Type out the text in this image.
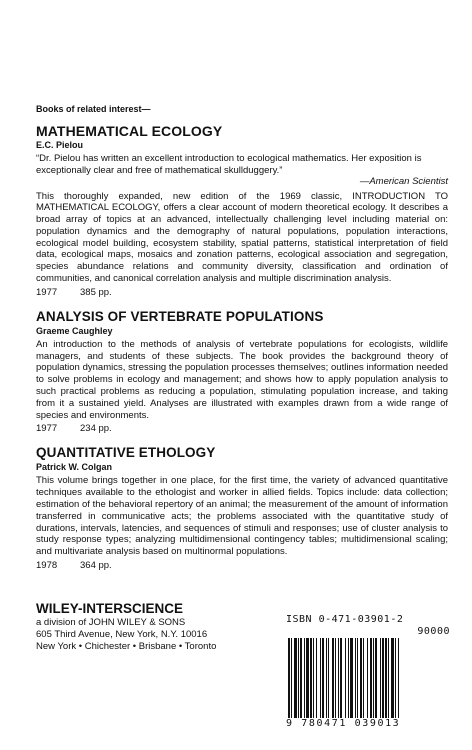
Books of related interest—
MATHEMATICAL ECOLOGY
E.C. Pielou
“Dr. Pielou has written an excellent introduction to ecological mathematics. Her exposition is exceptionally clear and free of mathematical skullduggery.”
—American Scientist
This thoroughly expanded, new edition of the 1969 classic, INTRODUCTION TO MATHEMATICAL ECOLOGY, offers a clear account of modern theoretical ecology. It describes a broad array of topics at an advanced, intellectually challenging level including material on: population dynamics and the demography of natural populations, population interactions, ecological model building, ecosystem stability, spatial patterns, statistical interpretation of field data, ecological maps, mosaics and zonation patterns, ecological association and segregation, species abundance relations and community diversity, classification and ordination of communities, and canonical correlation analysis and multiple discrimination analysis.
1977 385 pp.
ANALYSIS OF VERTEBRATE POPULATIONS
Graeme Caughley
An introduction to the methods of analysis of vertebrate populations for ecologists, wildlife managers, and students of these subjects. The book provides the background theory of population dynamics, stressing the population processes themselves; outlines information needed to solve problems in ecology and management; and shows how to apply population analysis to such practical problems as reducing a population, stimulating population increase, and taking from it a sustained yield. Analyses are illustrated with examples drawn from a wide range of species and environments.
1977 234 pp.
QUANTITATIVE ETHOLOGY
Patrick W. Colgan
This volume brings together in one place, for the first time, the variety of advanced quantitative techniques available to the ethologist and worker in allied fields. Topics include: data collection; estimation of the behavioral repertory of an animal; the measurement of the amount of information transferred in communicative acts; the problems associated with the quantitative study of durations, intervals, latencies, and sequences of stimuli and responses; use of cluster analysis to study response types; analyzing multidimensional contingency tables; multidimensional scaling; and multivariate analysis based on multinormal populations.
1978 364 pp.
WILEY-INTERSCIENCE
a division of JOHN WILEY & SONS
605 Third Avenue, New York, N.Y. 10016
New York • Chichester • Brisbane • Toronto
ISBN 0-471-03901-2
90000
9 780471 039013
